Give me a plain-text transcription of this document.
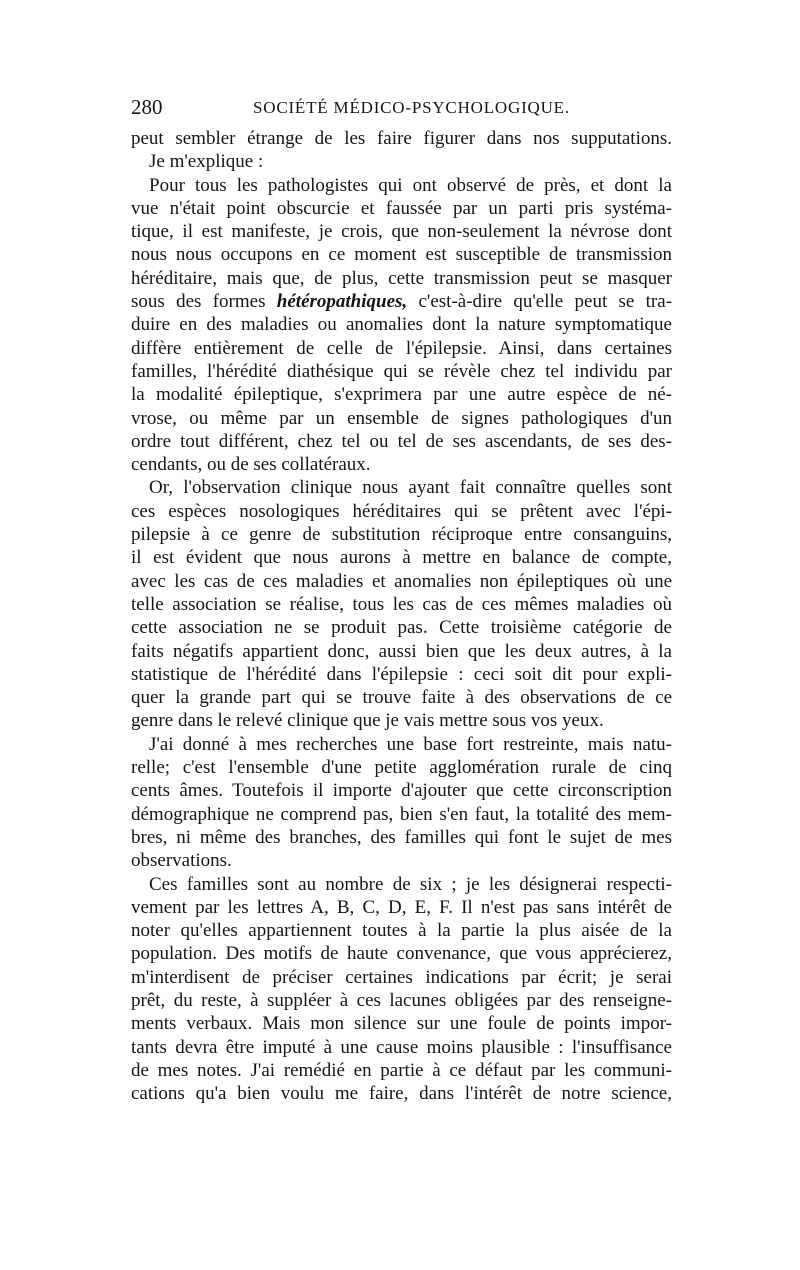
280	SOCIÉTÉ MÉDICO-PSYCHOLOGIQUE.
peut sembler étrange de les faire figurer dans nos supputations.
Je m'explique :
Pour tous les pathologistes qui ont observé de près, et dont la
vue n'était point obscurcie et faussée par un parti pris systéma-
tique, il est manifeste, je crois, que non-seulement la névrose dont
nous nous occupons en ce moment est susceptible de transmission
héréditaire, mais que, de plus, cette transmission peut se masquer
sous des formes hétéropathiques, c'est-à-dire qu'elle peut se tra-
duire en des maladies ou anomalies dont la nature symptomatique
diffère entièrement de celle de l'épilepsie. Ainsi, dans certaines
familles, l'hérédité diathésique qui se révèle chez tel individu par
la modalité épileptique, s'exprimera par une autre espèce de né-
vrose, ou même par un ensemble de signes pathologiques d'un
ordre tout différent, chez tel ou tel de ses ascendants, de ses des-
cendants, ou de ses collatéraux.
Or, l'observation clinique nous ayant fait connaître quelles sont
ces espèces nosologiques héréditaires qui se prêtent avec l'épi-
pilepsie à ce genre de substitution réciproque entre consanguins,
il est évident que nous aurons à mettre en balance de compte,
avec les cas de ces maladies et anomalies non épileptiques où une
telle association se réalise, tous les cas de ces mêmes maladies où
cette association ne se produit pas. Cette troisième catégorie de
faits négatifs appartient donc, aussi bien que les deux autres, à la
statistique de l'hérédité dans l'épilepsie : ceci soit dit pour expli-
quer la grande part qui se trouve faite à des observations de ce
genre dans le relevé clinique que je vais mettre sous vos yeux.
J'ai donné à mes recherches une base fort restreinte, mais natu-
relle; c'est l'ensemble d'une petite agglomération rurale de cinq
cents âmes. Toutefois il importe d'ajouter que cette circonscription
démographique ne comprend pas, bien s'en faut, la totalité des mem-
bres, ni même des branches, des familles qui font le sujet de mes
observations.
Ces familles sont au nombre de six ; je les désignerai respecti-
vement par les lettres A, B, C, D, E, F. Il n'est pas sans intérêt de
noter qu'elles appartiennent toutes à la partie la plus aisée de la
population. Des motifs de haute convenance, que vous apprécierez,
m'interdisent de préciser certaines indications par écrit; je serai
prêt, du reste, à suppléer à ces lacunes obligées par des renseigne-
ments verbaux. Mais mon silence sur une foule de points impor-
tants devra être imputé à une cause moins plausible : l'insuffisance
de mes notes. J'ai remédié en partie à ce défaut par les communi-
cations qu'a bien voulu me faire, dans l'intérêt de notre science,
